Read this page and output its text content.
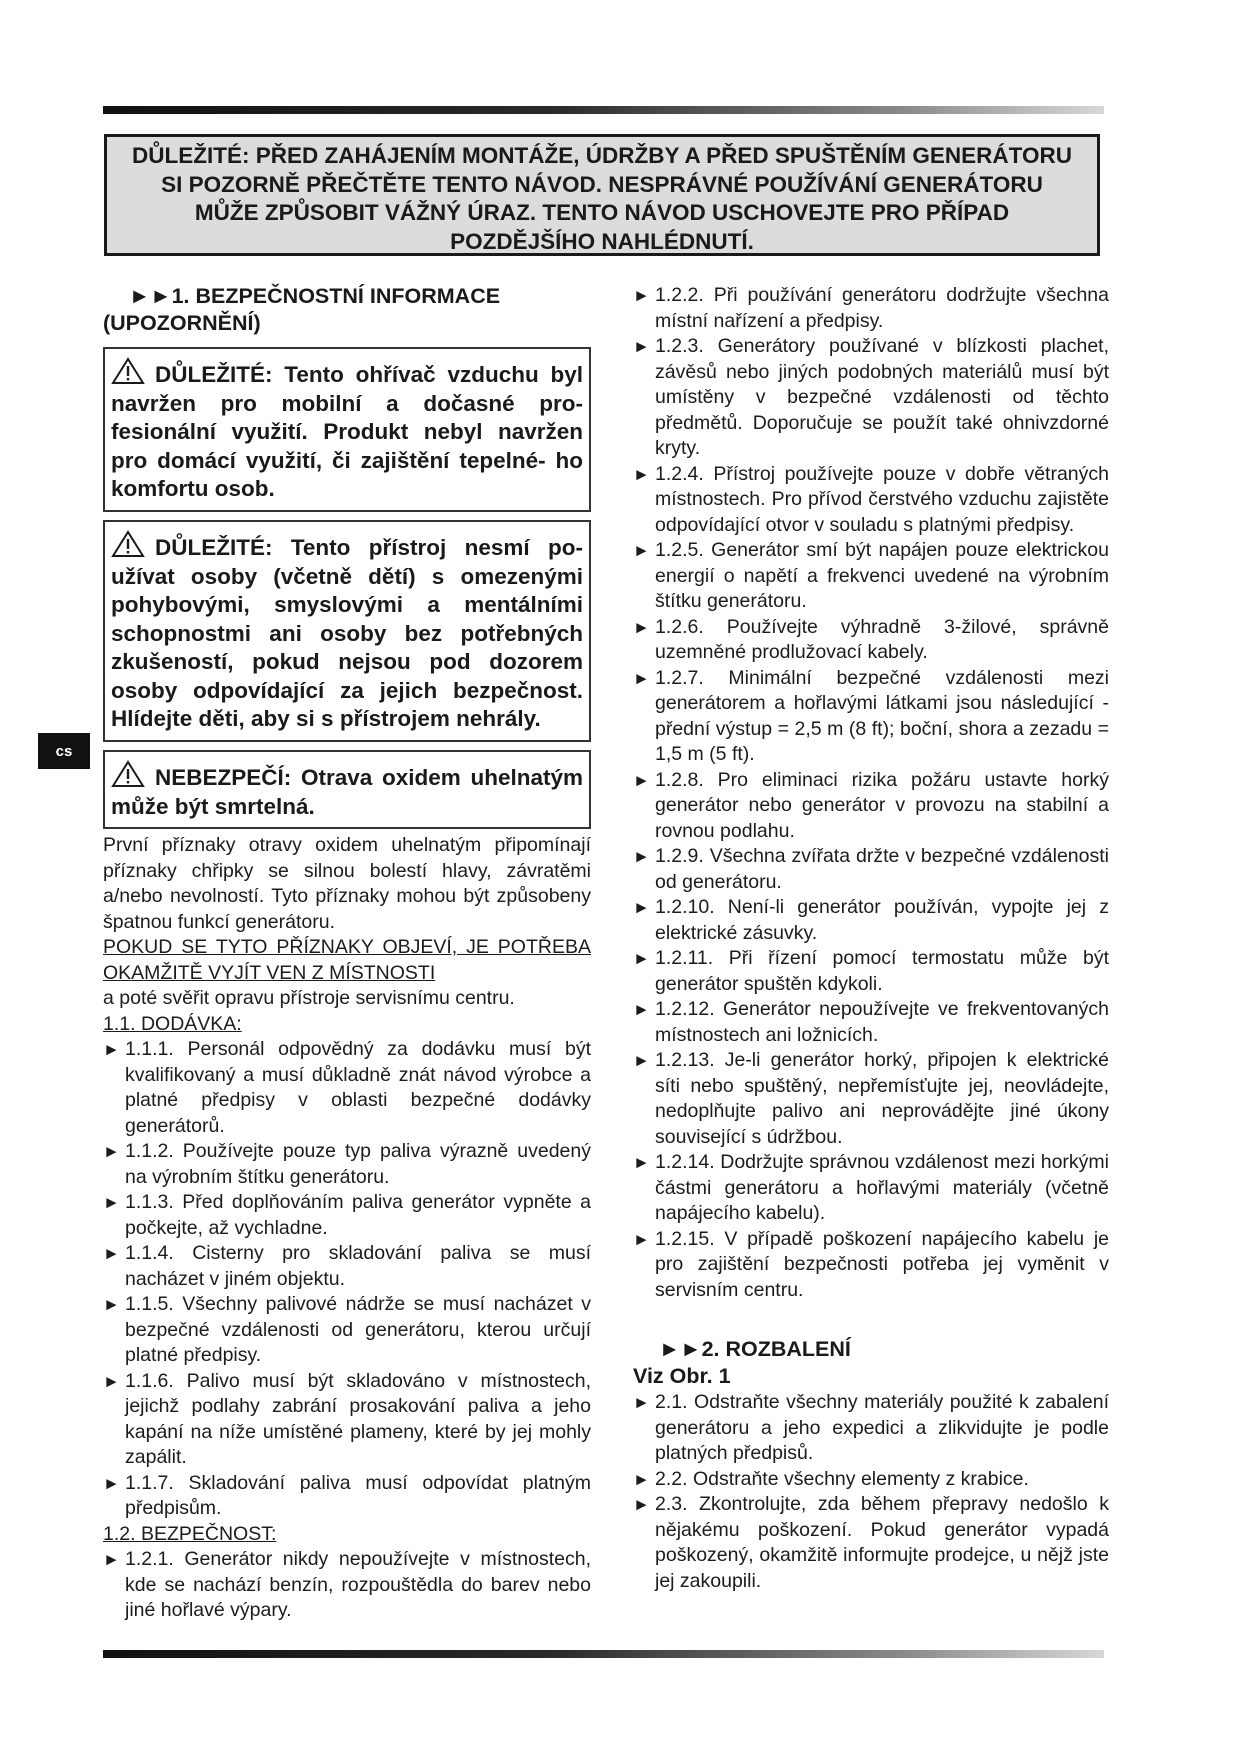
DŮLEŽITÉ: PŘED ZAHÁJENÍM MONTÁŽE, ÚDRŽBY A PŘED SPUŠTĚNÍM GENERÁTORU SI POZORNĚ PŘEČTĚTE TENTO NÁVOD. NESPRÁVNÉ POUŽÍVÁNÍ GENERÁTORU MŮŽE ZPŮSOBIT VÁŽNÝ ÚRAZ. TENTO NÁVOD USCHOVEJTE PRO PŘÍPAD POZDĚJŠÍHO NAHLÉDNUTÍ.
cs
►►1. BEZPEČNOSTNÍ INFORMACE
(UPOZORNĚNÍ)
DŮLEŽITÉ: Tento ohřívač vzduchu byl navržen pro mobilní a dočasné pro- fesionální využití. Produkt nebyl navržen pro domácí využití, či zajištění tepelné- ho komfortu osob.
DŮLEŽITÉ: Tento přístroj nesmí po- užívat osoby (včetně dětí) s omezenými pohybovými, smyslovými a mentálními schopnostmi ani osoby bez potřebných zkušeností, pokud nejsou pod dozorem osoby odpovídající za jejich bezpečnost. Hlídejte děti, aby si s přístrojem nehrály.
NEBEZPEČÍ: Otrava oxidem uhelnatým může být smrtelná.

První příznaky otravy oxidem uhelnatým připomínají příznaky chřipky se silnou bolestí hlavy, závratěmi a/nebo nevolností. Tyto příznaky mohou být způsobeny špatnou funkcí generátoru.

POKUD SE TYTO PŘÍZNAKY OBJEVÍ, JE POTŘEBA OKAMŽITĚ VYJÍT VEN Z MÍSTNOSTI

a poté svěřit opravu přístroje servisnímu centru.

1.1. DODÁVKA:
► 1.1.1. Personál odpovědný za dodávku musí být kvalifikovaný a musí důkladně znát návod výrobce a platné předpisy v oblasti bezpečné dodávky generátorů.
► 1.1.2. Používejte pouze typ paliva výrazně uvedený na výrobním štítku generátoru.
► 1.1.3. Před doplňováním paliva generátor vypněte a počkejte, až vychladne.
► 1.1.4. Cisterny pro skladování paliva se musí nacházet v jiném objektu.
► 1.1.5. Všechny palivové nádrže se musí nacházet v bezpečné vzdálenosti od generátoru, kterou určují platné předpisy.
► 1.1.6. Palivo musí být skladováno v místnostech, jejichž podlahy zabrání prosakování paliva a jeho kapání na níže umístěné plameny, které by jej mohly zapálit.
► 1.1.7. Skladování paliva musí odpovídat platným předpisům.
1.2. BEZPEČNOST:
► 1.2.1. Generátor nikdy nepoužívejte v místnostech, kde se nachází benzín, rozpouštědla do barev nebo jiné hořlavé výpary.
► 1.2.2. Při používání generátoru dodržujte všechna místní nařízení a předpisy.
► 1.2.3. Generátory používané v blízkosti plachet, závěsů nebo jiných podobných materiálů musí být umístěny v bezpečné vzdálenosti od těchto předmětů. Doporučuje se použít také ohnivzdorné kryty.
► 1.2.4. Přístroj používejte pouze v dobře větraných místnostech. Pro přívod čerstvého vzduchu zajistěte odpovídající otvor v souladu s platnými předpisy.
► 1.2.5. Generátor smí být napájen pouze elektrickou energií o napětí a frekvenci uvedené na výrobním štítku generátoru.
► 1.2.6. Používejte výhradně 3-žilové, správně uzemněné prodlužovací kabely.
► 1.2.7. Minimální bezpečné vzdálenosti mezi generátorem a hořlavými látkami jsou následující - přední výstup = 2,5 m (8 ft); boční, shora a zezadu = 1,5 m (5 ft).
► 1.2.8. Pro eliminaci rizika požáru ustavte horký generátor nebo generátor v provozu na stabilní a rovnou podlahu.
► 1.2.9. Všechna zvířata držte v bezpečné vzdálenosti od generátoru.
► 1.2.10. Není-li generátor používán, vypojte jej z elektrické zásuvky.
► 1.2.11. Při řízení pomocí termostatu může být generátor spuštěn kdykoli.
► 1.2.12. Generátor nepoužívejte ve frekventovaných místnostech ani ložnicích.
► 1.2.13. Je-li generátor horký, připojen k elektrické síti nebo spuštěný, nepřemísťujte jej, neovládejte, nedoplňujte palivo ani neprovádějte jiné úkony související s údržbou.
► 1.2.14. Dodržujte správnou vzdálenost mezi horkými částmi generátoru a hořlavými materiály (včetně napájecího kabelu).
► 1.2.15. V případě poškození napájecího kabelu je pro zajištění bezpečnosti potřeba jej vyměnit v servisním centru.
►►2. ROZBALENÍ
Viz Obr. 1
► 2.1. Odstraňte všechny materiály použité k zabalení generátoru a jeho expedici a zlikvidujte je podle platných předpisů.
► 2.2. Odstraňte všechny elementy z krabice.
► 2.3. Zkontrolujte, zda během přepravy nedošlo k nějakému poškození. Pokud generátor vypadá poškozený, okamžitě informujte prodejce, u nějž jste jej zakoupili.
